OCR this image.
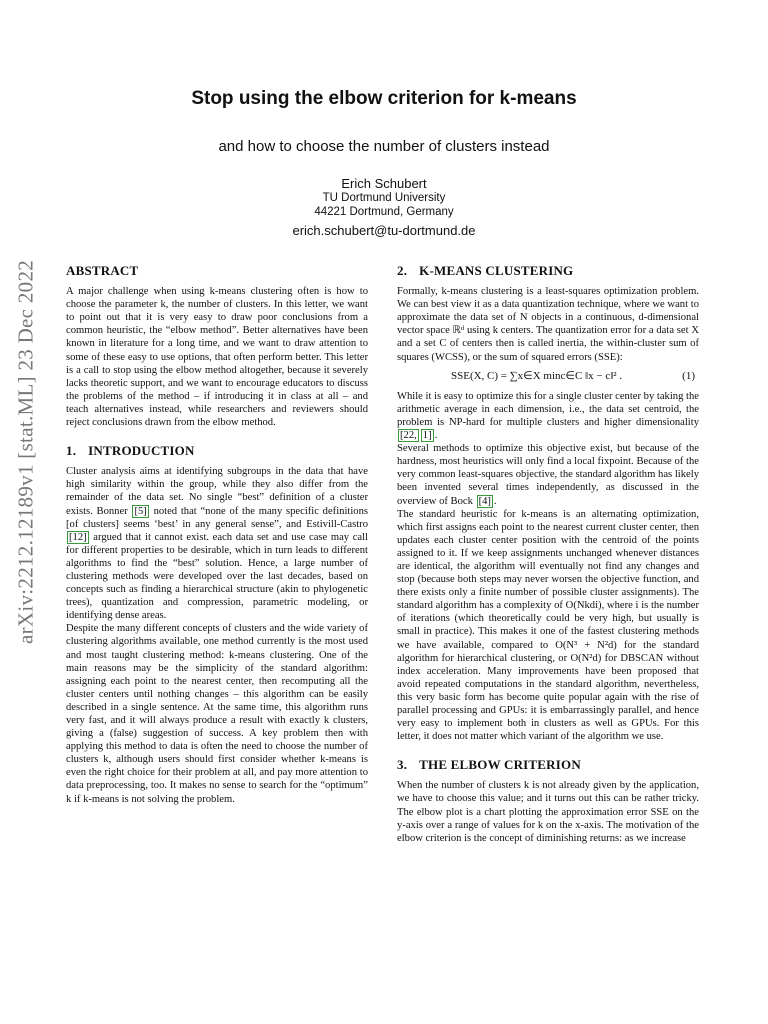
Stop using the elbow criterion for k-means
and how to choose the number of clusters instead
Erich Schubert
TU Dortmund University
44221 Dortmund, Germany
erich.schubert@tu-dortmund.de
arXiv:2212.12189v1 [stat.ML] 23 Dec 2022 ABSTRACT

A major challenge when using k-means clustering often is how to choose the parameter k, the number of clusters. In this letter, we want to point out that it is very easy to draw poor conclusions from a common heuristic, the “elbow method”. Better alternatives have been known in literature for a long time, and we want to draw attention to some of these easy to use options, that often perform better. This letter is a call to stop using the elbow method altogether, because it severely lacks theoretic support, and we want to encourage educators to discuss the problems of the method – if introducing it in class at all – and teach alternatives instead, while researchers and reviewers should reject conclusions drawn from the elbow method.

1. INTRODUCTION

Cluster analysis aims at identifying subgroups in the data that have high similarity within the group, while they also differ from the remainder of the data set. No single “best” definition of a cluster exists. Bonner [5] noted that “none of the many specific definitions [of clusters] seems ‘best’ in any general sense”, and Estivill-Castro [12] argued that it cannot exist. each data set and use case may call for different properties to be desirable, which in turn leads to different algorithms to find the “best” solution. Hence, a large number of clustering methods were developed over the last decades, based on concepts such as finding a hierarchical structure (akin to phylogenetic trees), quantization and compression, parametric modeling, or identifying dense areas.

Despite the many different concepts of clusters and the wide variety of clustering algorithms available, one method currently is the most used and most taught clustering method: k-means clustering. One of the main reasons may be the simplicity of the standard algorithm: assigning each point to the nearest center, then recomputing all the cluster centers until nothing changes – this algorithm can be easily described in a single sentence. At the same time, this algorithm runs very fast, and it will always produce a result with exactly k clusters, giving a (false) suggestion of success. A key problem then with applying this method to data is often the need to choose the number of clusters k, although users should first consider whether k-means is even the right choice for their problem at all, and pay more attention to data preprocessing, too. It makes no sense to search for the “optimum” k if k-means is not solving the problem.

2. K-MEANS CLUSTERING

Formally, k-means clustering is a least-squares optimization problem. We can best view it as a data quantization technique, where we want to approximate the data set of N objects in a continuous, d-dimensional vector space ℝᵈ using k centers. The quantization error for a data set X and a set C of centers then is called inertia, the within-cluster sum of squares (WCSS), or the sum of squared errors (SSE):

SSE(X, C) = ∑x∈X minc∈C ‖x − c‖² .	(1)

While it is easy to optimize this for a single cluster center by taking the arithmetic average in each dimension, i.e., the data set centroid, the problem is NP-hard for multiple clusters and higher dimensionality [22, 1] .

Several methods to optimize this objective exist, but because of the hardness, most heuristics will only find a local fixpoint. Because of the very common least-squares objective, the standard algorithm has likely been invented several times independently, as discussed in the overview of Bock [4] .

The standard heuristic for k-means is an alternating optimization, which first assigns each point to the nearest current cluster center, then updates each cluster center position with the centroid of the points assigned to it. If we keep assignments unchanged whenever distances are identical, the algorithm will eventually not find any changes and stop (because both steps may never worsen the objective function, and there exists only a finite number of possible cluster assignments). The standard algorithm has a complexity of O(Nkdi), where i is the number of iterations (which theoretically could be very high, but usually is small in practice). This makes it one of the fastest clustering methods we have available, compared to O(N³ + N²d) for the standard algorithm for hierarchical clustering, or O(N²d) for DBSCAN without index acceleration. Many improvements have been proposed that avoid repeated computations in the standard algorithm, nevertheless, this very basic form has become quite popular again with the rise of parallel processing and GPUs: it is embarrassingly parallel, and hence very easy to implement both in clusters as well as GPUs. For this letter, it does not matter which variant of the algorithm we use.

3. THE ELBOW CRITERION

When the number of clusters k is not already given by the application, we have to choose this value; and it turns out this can be rather tricky. The elbow plot is a chart plotting the approximation error SSE on the y-axis over a range of values for k on the x-axis. The motivation of the elbow criterion is the concept of diminishing returns: as we increase
